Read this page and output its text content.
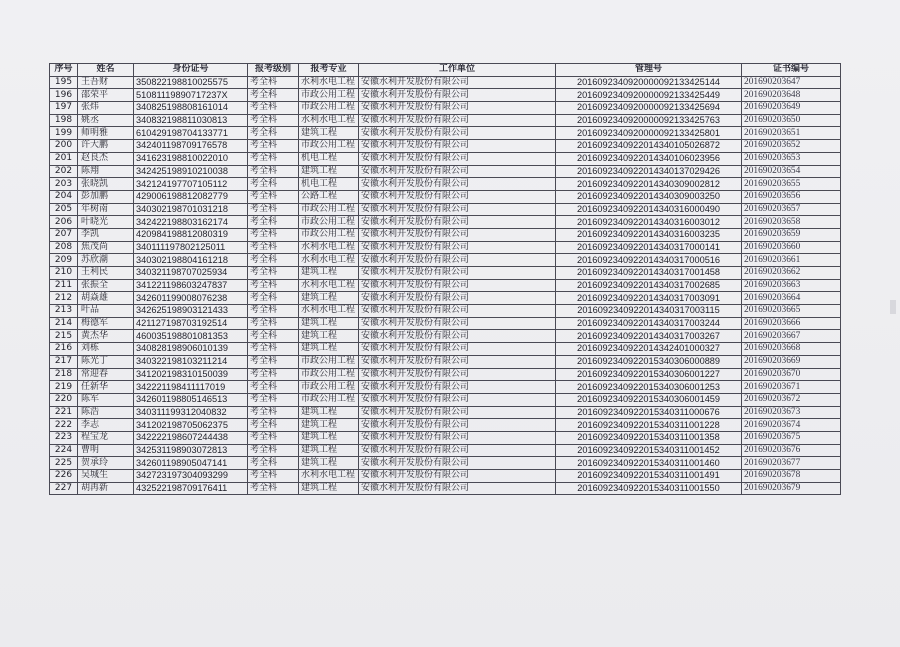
序号	姓名	身份证号	报考级别	报考专业	工作单位	管理号	证书编号
195	王吾财	350822198810025575	考全科	水利水电工程	安徽水利开发股份有限公司	2016092340920000092133425144	201690203647
196	邵荣平	51081119890717237X	考全科	市政公用工程	安徽水利开发股份有限公司	2016092340920000092133425449	201690203648
197	张炜	340825198808161014	考全科	市政公用工程	安徽水利开发股份有限公司	2016092340920000092133425694	201690203649
198	姚丞	340832198811030813	考全科	水利水电工程	安徽水利开发股份有限公司	2016092340920000092133425763	201690203650
199	师明雅	610429198704133771	考全科	建筑工程	安徽水利开发股份有限公司	2016092340920000092133425801	201690203651
200	许大鹏	342401198709176578	考全科	市政公用工程	安徽水利开发股份有限公司	2016092340922014340105026872	201690203652
201	赵良杰	341623198810022010	考全科	机电工程	安徽水利开发股份有限公司	2016092340922014340106023956	201690203653
202	陈翔	342425198910210038	考全科	建筑工程	安徽水利开发股份有限公司	2016092340922014340137029426	201690203654
203	张晓凯	342124197707105112	考全科	机电工程	安徽水利开发股份有限公司	2016092340922014340309002812	201690203655
204	彭加鹏	429006198812082779	考全科	公路工程	安徽水利开发股份有限公司	2016092340922014340309003250	201690203656
205	年树南	340302198701031218	考全科	市政公用工程	安徽水利开发股份有限公司	2016092340922014340316000490	201690203657
206	叶晓光	342422198803162174	考全科	市政公用工程	安徽水利开发股份有限公司	2016092340922014340316003012	201690203658
207	李凯	420984198812080319	考全科	市政公用工程	安徽水利开发股份有限公司	2016092340922014340316003235	201690203659
208	焦茂尚	340111197802125011	考全科	水利水电工程	安徽水利开发股份有限公司	2016092340922014340317000141	201690203660
209	苏欣潮	340302198804161218	考全科	水利水电工程	安徽水利开发股份有限公司	2016092340922014340317000516	201690203661
210	王利民	340321198707025934	考全科	建筑工程	安徽水利开发股份有限公司	2016092340922014340317001458	201690203662
211	张振全	341221198603247837	考全科	水利水电工程	安徽水利开发股份有限公司	2016092340922014340317002685	201690203663
212	胡焱雄	342601199008076238	考全科	建筑工程	安徽水利开发股份有限公司	2016092340922014340317003091	201690203664
213	叶品	342625198903121433	考全科	水利水电工程	安徽水利开发股份有限公司	2016092340922014340317003115	201690203665
214	梅德军	421127198703192514	考全科	建筑工程	安徽水利开发股份有限公司	2016092340922014340317003244	201690203666
215	黄杰华	460035198801081353	考全科	建筑工程	安徽水利开发股份有限公司	2016092340922014340317003267	201690203667
216	刘栋	340828198906010139	考全科	建筑工程	安徽水利开发股份有限公司	2016092340922014342401000327	201690203668
217	陈光丁	340322198103211214	考全科	市政公用工程	安徽水利开发股份有限公司	2016092340922015340306000889	201690203669
218	常迎春	341202198310150039	考全科	市政公用工程	安徽水利开发股份有限公司	2016092340922015340306001227	201690203670
219	任新华	342221198411117019	考全科	市政公用工程	安徽水利开发股份有限公司	2016092340922015340306001253	201690203671
220	陈军	342601198805146513	考全科	市政公用工程	安徽水利开发股份有限公司	2016092340922015340306001459	201690203672
221	陈浩	340311199312040832	考全科	建筑工程	安徽水利开发股份有限公司	2016092340922015340311000676	201690203673
222	李志	341202198705062375	考全科	建筑工程	安徽水利开发股份有限公司	2016092340922015340311001228	201690203674
223	程宝龙	342222198607244438	考全科	建筑工程	安徽水利开发股份有限公司	2016092340922015340311001358	201690203675
224	曹明	342531198903072813	考全科	建筑工程	安徽水利开发股份有限公司	2016092340922015340311001452	201690203676
225	贺承玲	342601198905047141	考全科	建筑工程	安徽水利开发股份有限公司	2016092340922015340311001460	201690203677
226	吴城生	342723197304093299	考全科	水利水电工程	安徽水利开发股份有限公司	2016092340922015340311001491	201690203678
227	胡再新	432522198709176411	考全科	建筑工程	安徽水利开发股份有限公司	2016092340922015340311001550	201690203679
